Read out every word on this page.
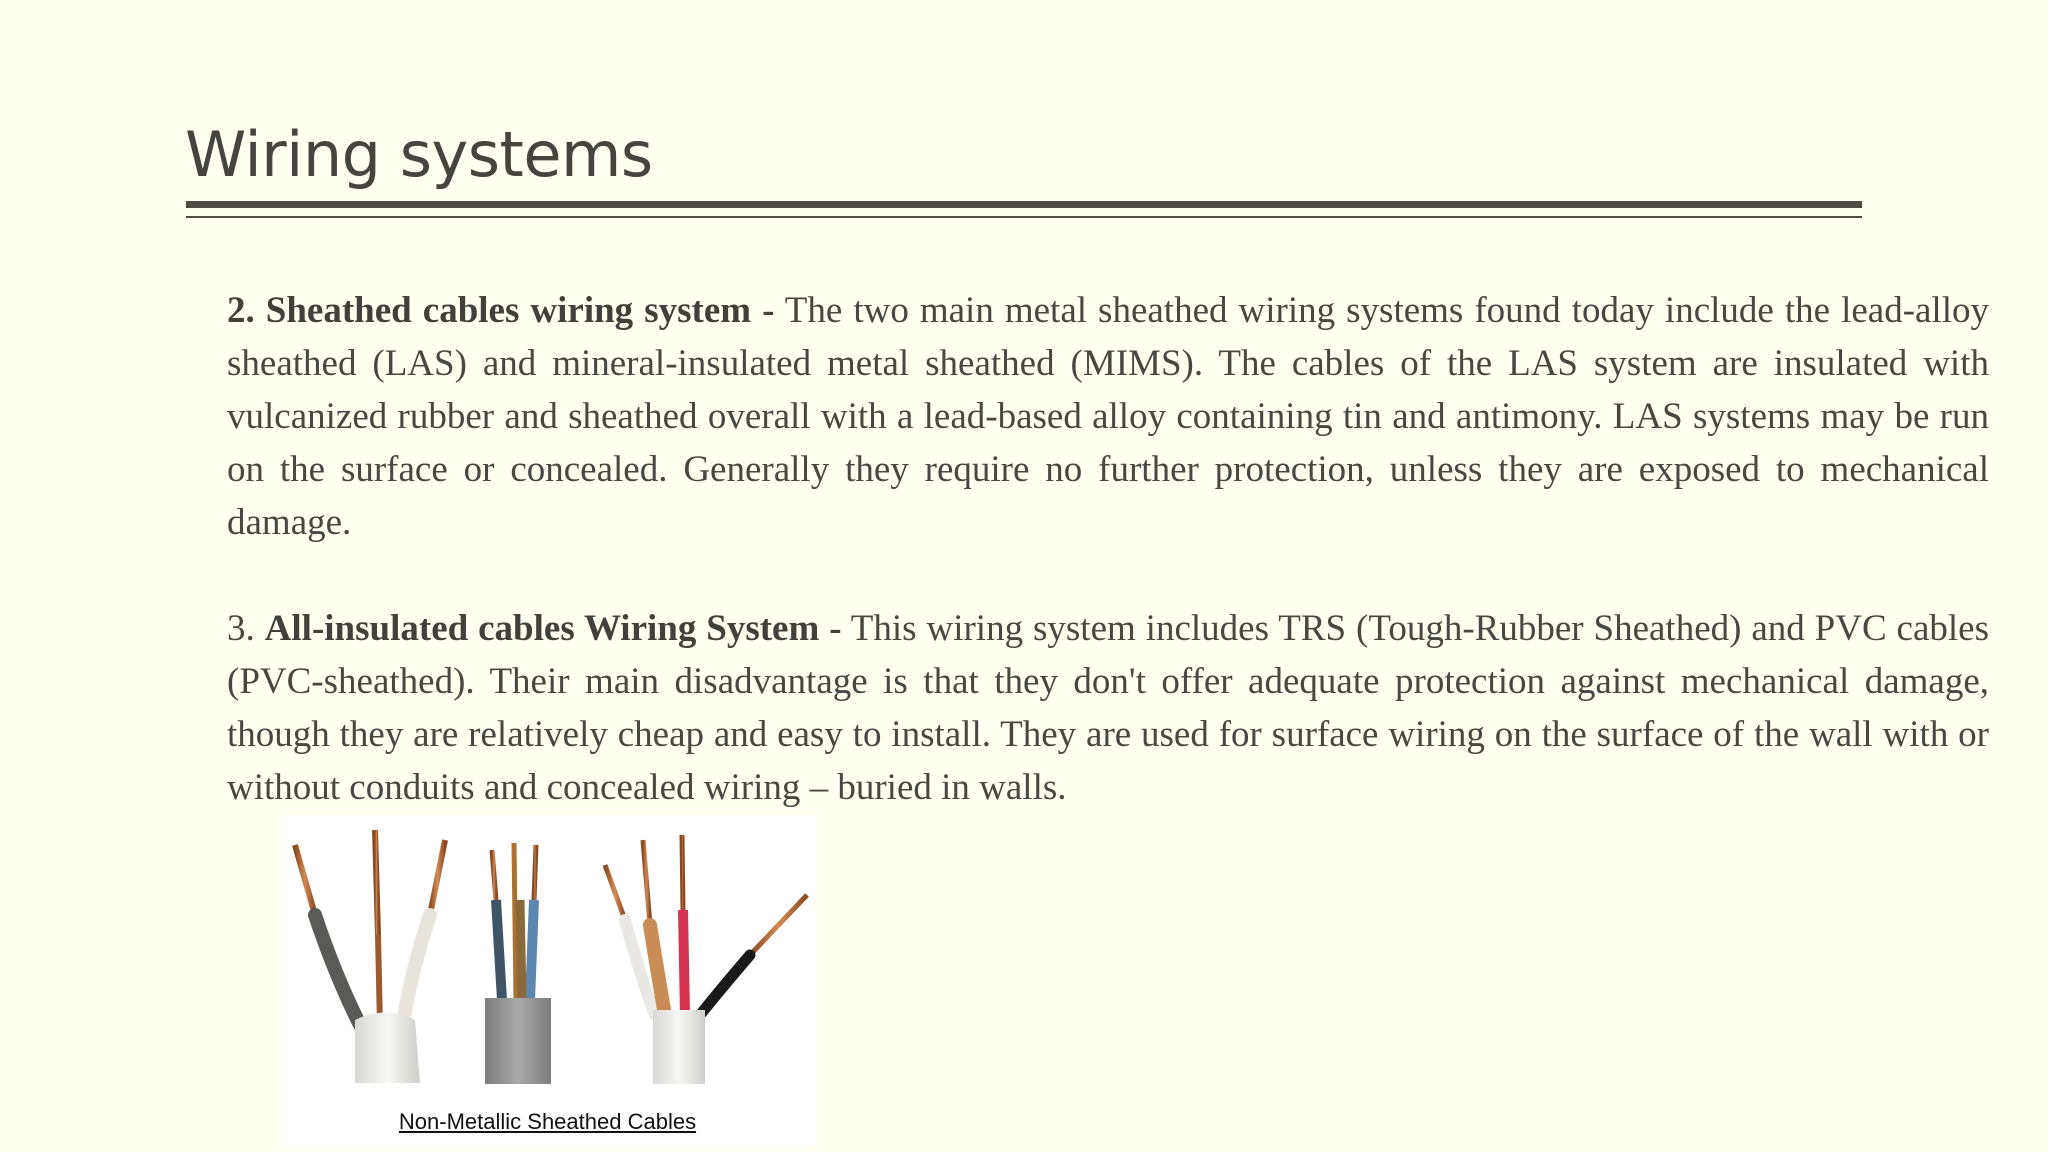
Wiring systems

2. Sheathed cables wiring system - The two main metal sheathed wiring systems found today include the lead-alloy sheathed (LAS) and mineral-insulated metal sheathed (MIMS). The cables of the LAS system are insulated with vulcanized rubber and sheathed overall with a lead-based alloy containing tin and antimony. LAS systems may be run on the surface or concealed. Generally they require no further protection, unless they are exposed to mechanical damage.

3. All-insulated cables Wiring System - This wiring system includes TRS (Tough-Rubber Sheathed) and PVC cables (PVC-sheathed). Their main disadvantage is that they don't offer adequate protection against mechanical damage, though they are relatively cheap and easy to install. They are used for surface wiring on the surface of the wall with or without conduits and concealed wiring – buried in walls.

Non-Metallic Sheathed Cables
